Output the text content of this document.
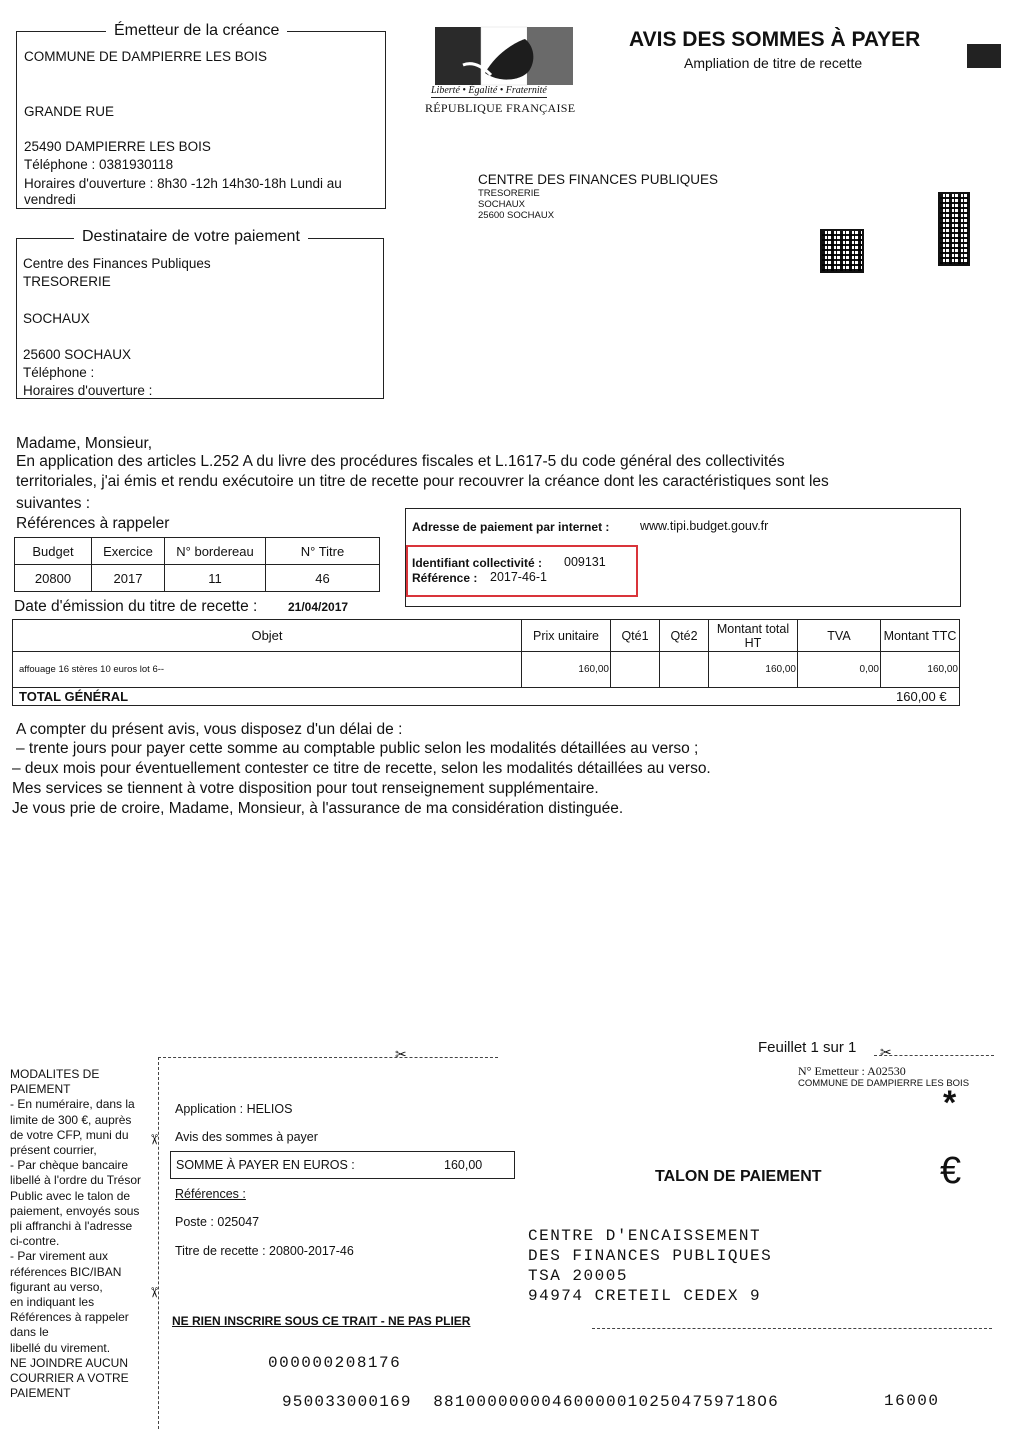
Émetteur de la créance
COMMUNE DE DAMPIERRE LES BOIS
GRANDE RUE
25490 DAMPIERRE LES BOIS
Téléphone : 0381930118
Horaires d'ouverture : 8h30 -12h 14h30-18h Lundi au
vendredi
Destinataire de votre paiement
Centre des Finances Publiques
TRESORERIE
SOCHAUX
25600 SOCHAUX
Téléphone :
Horaires d'ouverture :
Liberté • Égalité • Fraternité
RÉPUBLIQUE FRANÇAISE
AVIS DES SOMMES À PAYER
Ampliation de titre de recette
CENTRE DES FINANCES PUBLIQUES
TRESORERIE
SOCHAUX
25600 SOCHAUX
Madame, Monsieur,
En application des articles L.252 A du livre des procédures fiscales et L.1617-5 du code général des collectivités
territoriales, j'ai émis et rendu exécutoire un titre de recette pour recouvrer la créance dont les caractéristiques sont les
suivantes :
Références à rappeler
Budget	Exercice	N° bordereau	N° Titre
20800	2017	11	46
Adresse de paiement par internet : www.tipi.budget.gouv.fr
Identifiant collectivité : 009131
Référence : 2017-46-1
Date d'émission du titre de recette :	21/04/2017
Objet	Prix unitaire	Qté1	Qté2	Montant total HT	TVA	Montant TTC
affouage 16 stères 10 euros lot 6--	160,00			160,00	0,00	160,00
TOTAL GÉNÉRAL	160,00 €
A compter du présent avis, vous disposez d'un délai de :
– trente jours pour payer cette somme au comptable public selon les modalités détaillées au verso ;
– deux mois pour éventuellement contester ce titre de recette, selon les modalités détaillées au verso.
Mes services se tiennent à votre disposition pour tout renseignement supplémentaire.
Je vous prie de croire, Madame, Monsieur, à l'assurance de ma considération distinguée.
Feuillet 1 sur 1
✂	✂
✂
✂
N° Emetteur : A02530
COMMUNE DE DAMPIERRE LES BOIS
*
MODALITES DE
PAIEMENT
- En numéraire, dans la
limite de 300 €, auprès
de votre CFP, muni du
présent courrier,
- Par chèque bancaire
libellé à l'ordre du Trésor
Public avec le talon de
paiement, envoyés sous
pli affranchi à l'adresse
ci-contre.
- Par virement aux
références BIC/IBAN
figurant au verso,
en indiquant les
Références à rappeler
dans le
libellé du virement.
NE JOINDRE AUCUN
COURRIER A VOTRE
PAIEMENT
Application : HELIOS
Avis des sommes à payer
SOMME À PAYER EN EUROS :	160,00
Références :
Poste : 025047
Titre de recette : 20800-2017-46
TALON DE PAIEMENT	€
CENTRE D'ENCAISSEMENT
DES FINANCES PUBLIQUES
TSA 20005
94974 CRETEIL CEDEX 9
NE RIEN INSCRIRE SOUS CE TRAIT - NE PAS PLIER
000000208176
950033000169  881000000004600000102504759718O6	16000
